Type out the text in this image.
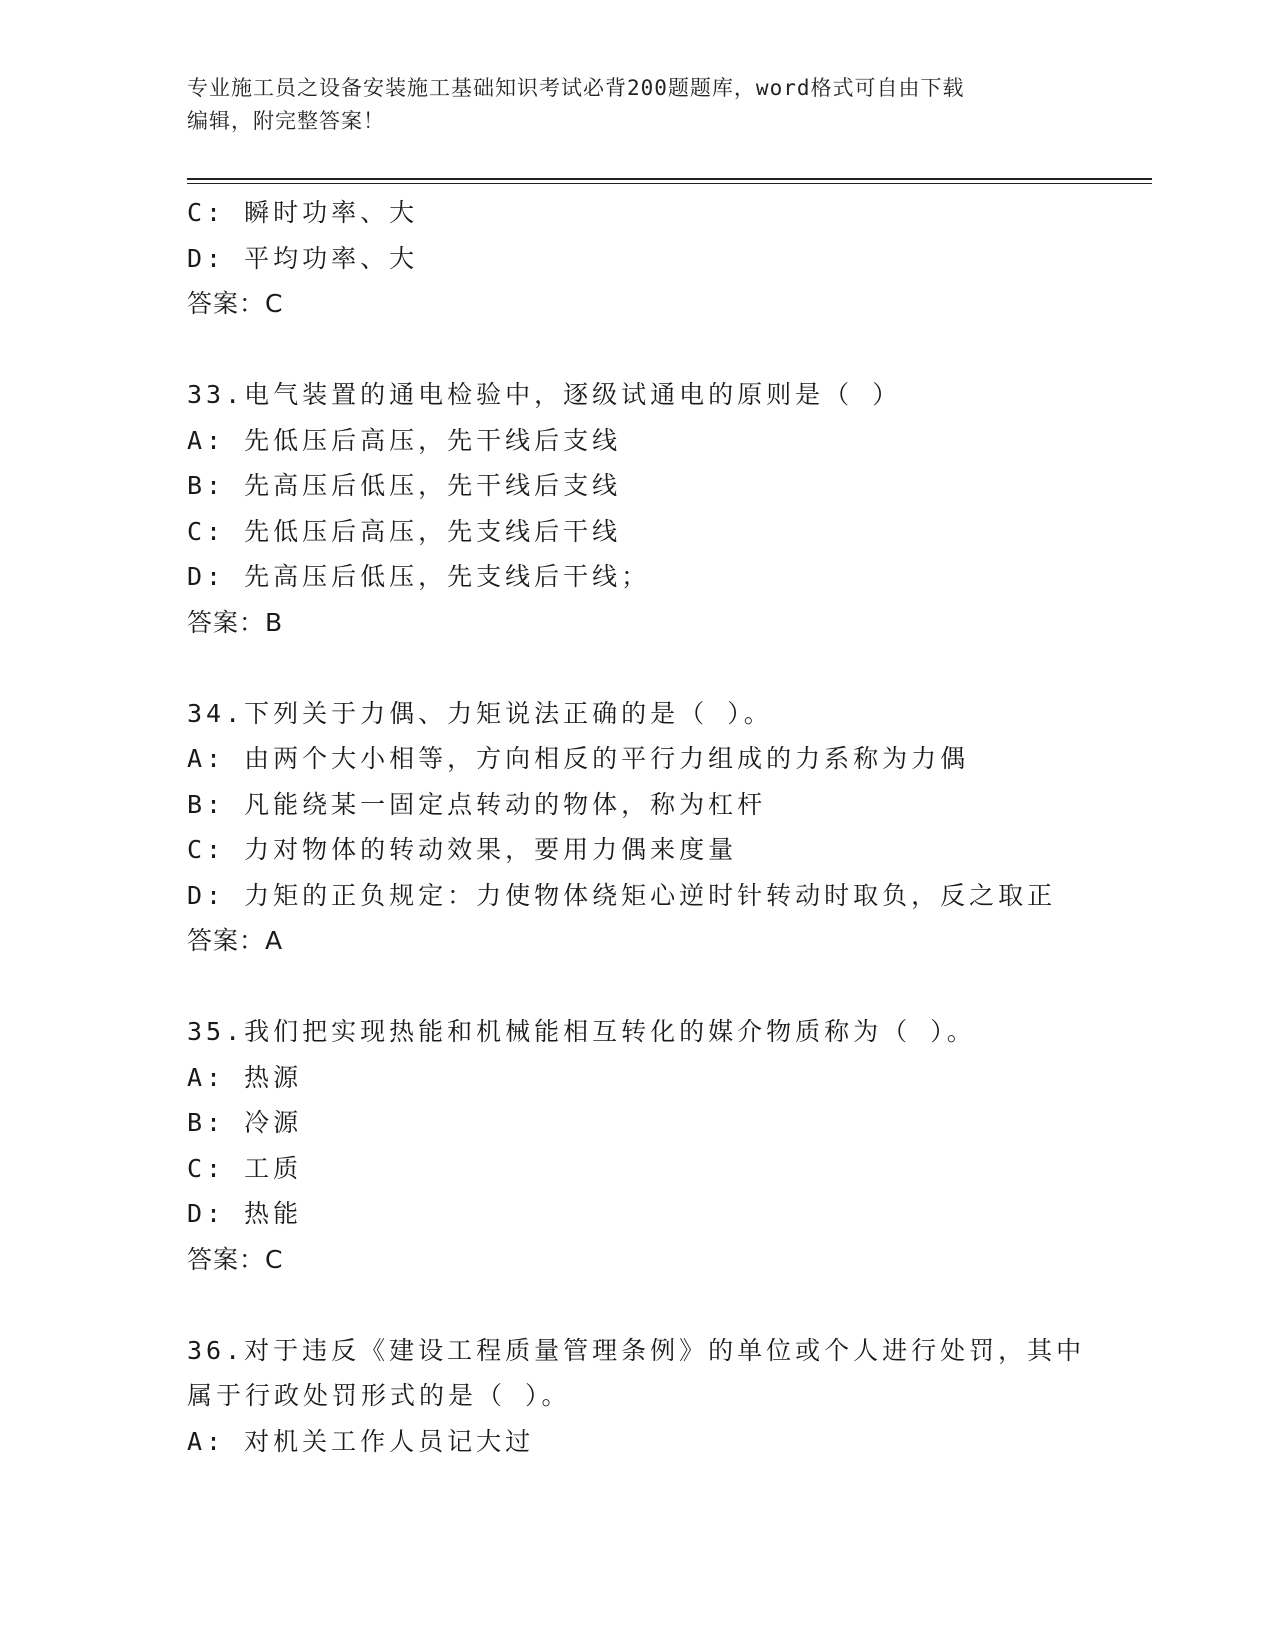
专业施工员之设备安装施工基础知识考试必背200题题库，word格式可自由下载
编辑，附完整答案！
C: 瞬时功率、大
D: 平均功率、大
答案：C
33.电气装置的通电检验中，逐级试通电的原则是（ ）
A: 先低压后高压，先干线后支线
B: 先高压后低压，先干线后支线
C: 先低压后高压，先支线后干线
D: 先高压后低压，先支线后干线；
答案：B
34.下列关于力偶、力矩说法正确的是（ ）。
A: 由两个大小相等，方向相反的平行力组成的力系称为力偶
B: 凡能绕某一固定点转动的物体，称为杠杆
C: 力对物体的转动效果，要用力偶来度量
D: 力矩的正负规定：力使物体绕矩心逆时针转动时取负，反之取正
答案：A
35.我们把实现热能和机械能相互转化的媒介物质称为（ ）。
A: 热源
B: 冷源
C: 工质
D: 热能
答案：C
36.对于违反《建设工程质量管理条例》的单位或个人进行处罚，其中
属于行政处罚形式的是（ ）。
A: 对机关工作人员记大过
